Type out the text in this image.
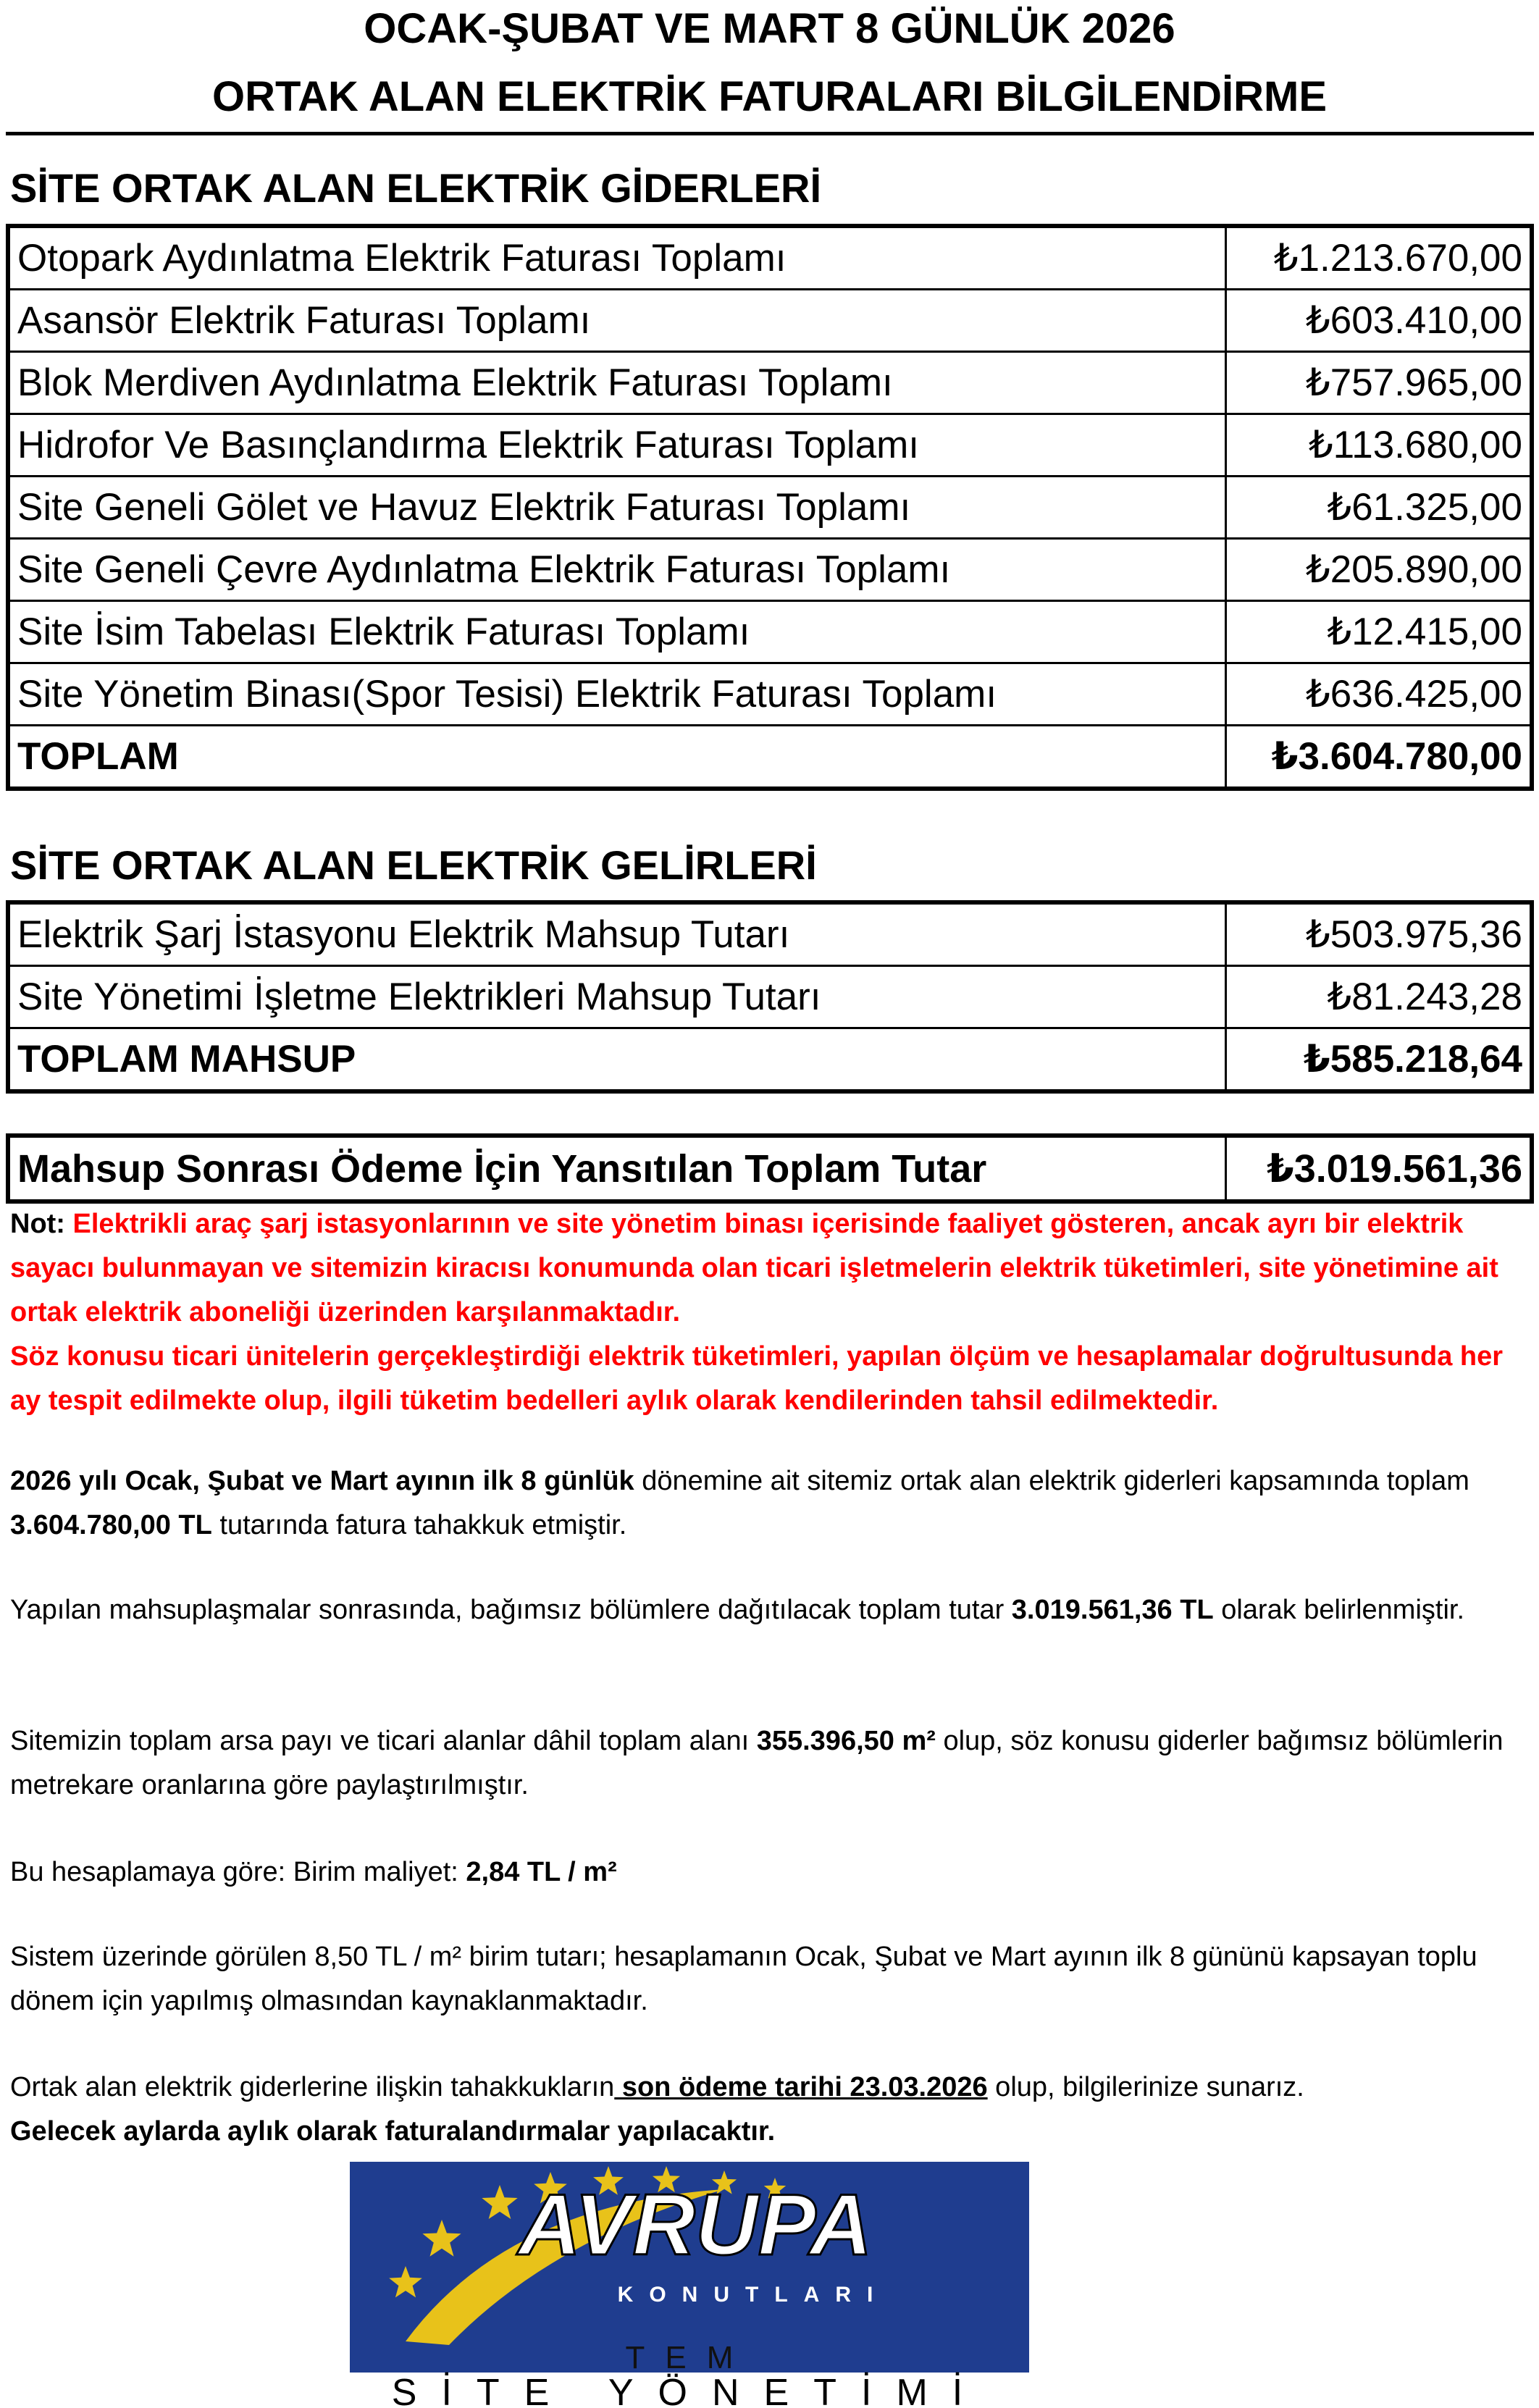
OCAK-ŞUBAT VE MART 8 GÜNLÜK 2026
ORTAK ALAN ELEKTRİK FATURALARI BİLGİLENDİRME
SİTE ORTAK ALAN ELEKTRİK GİDERLERİ
Otopark Aydınlatma Elektrik Faturası Toplamı	₺1.213.670,00
Asansör Elektrik Faturası Toplamı	₺603.410,00
Blok Merdiven Aydınlatma Elektrik Faturası Toplamı	₺757.965,00
Hidrofor Ve Basınçlandırma Elektrik Faturası Toplamı	₺113.680,00
Site Geneli Gölet ve Havuz Elektrik Faturası Toplamı	₺61.325,00
Site Geneli Çevre Aydınlatma Elektrik Faturası Toplamı	₺205.890,00
Site İsim Tabelası Elektrik Faturası Toplamı	₺12.415,00
Site Yönetim Binası(Spor Tesisi) Elektrik Faturası Toplamı	₺636.425,00
TOPLAM	₺3.604.780,00
SİTE ORTAK ALAN ELEKTRİK GELİRLERİ
Elektrik Şarj İstasyonu Elektrik Mahsup Tutarı	₺503.975,36
Site Yönetimi İşletme Elektrikleri Mahsup Tutarı	₺81.243,28
TOPLAM MAHSUP	₺585.218,64
Mahsup Sonrası Ödeme İçin Yansıtılan Toplam Tutar	₺3.019.561,36
Not: Elektrikli araç şarj istasyonlarının ve site yönetim binası içerisinde faaliyet gösteren, ancak ayrı bir elektrik sayacı bulunmayan ve sitemizin kiracısı konumunda olan ticari işletmelerin elektrik tüketimleri, site yönetimine ait ortak elektrik aboneliği üzerinden karşılanmaktadır.
Söz konusu ticari ünitelerin gerçekleştirdiği elektrik tüketimleri, yapılan ölçüm ve hesaplamalar doğrultusunda her ay tespit edilmekte olup, ilgili tüketim bedelleri aylık olarak kendilerinden tahsil edilmektedir.
2026 yılı Ocak, Şubat ve Mart ayının ilk 8 günlük dönemine ait sitemiz ortak alan elektrik giderleri kapsamında toplam 3.604.780,00 TL tutarında fatura tahakkuk etmiştir.
Yapılan mahsuplaşmalar sonrasında, bağımsız bölümlere dağıtılacak toplam tutar 3.019.561,36 TL olarak belirlenmiştir.
Sitemizin toplam arsa payı ve ticari alanlar dâhil toplam alanı 355.396,50 m² olup, söz konusu giderler bağımsız bölümlerin metrekare oranlarına göre paylaştırılmıştır.
Bu hesaplamaya göre: Birim maliyet: 2,84 TL / m²
Sistem üzerinde görülen 8,50 TL / m² birim tutarı; hesaplamanın Ocak, Şubat ve Mart ayının ilk 8 gününü kapsayan toplu dönem için yapılmış olmasından kaynaklanmaktadır.
Ortak alan elektrik giderlerine ilişkin tahakkukların son ödeme tarihi 23.03.2026 olup, bilgilerinize sunarız.
Gelecek aylarda aylık olarak faturalandırmalar yapılacaktır.
AVRUPA
KONUTLARI
TEM
SİTE YÖNETİMİ
